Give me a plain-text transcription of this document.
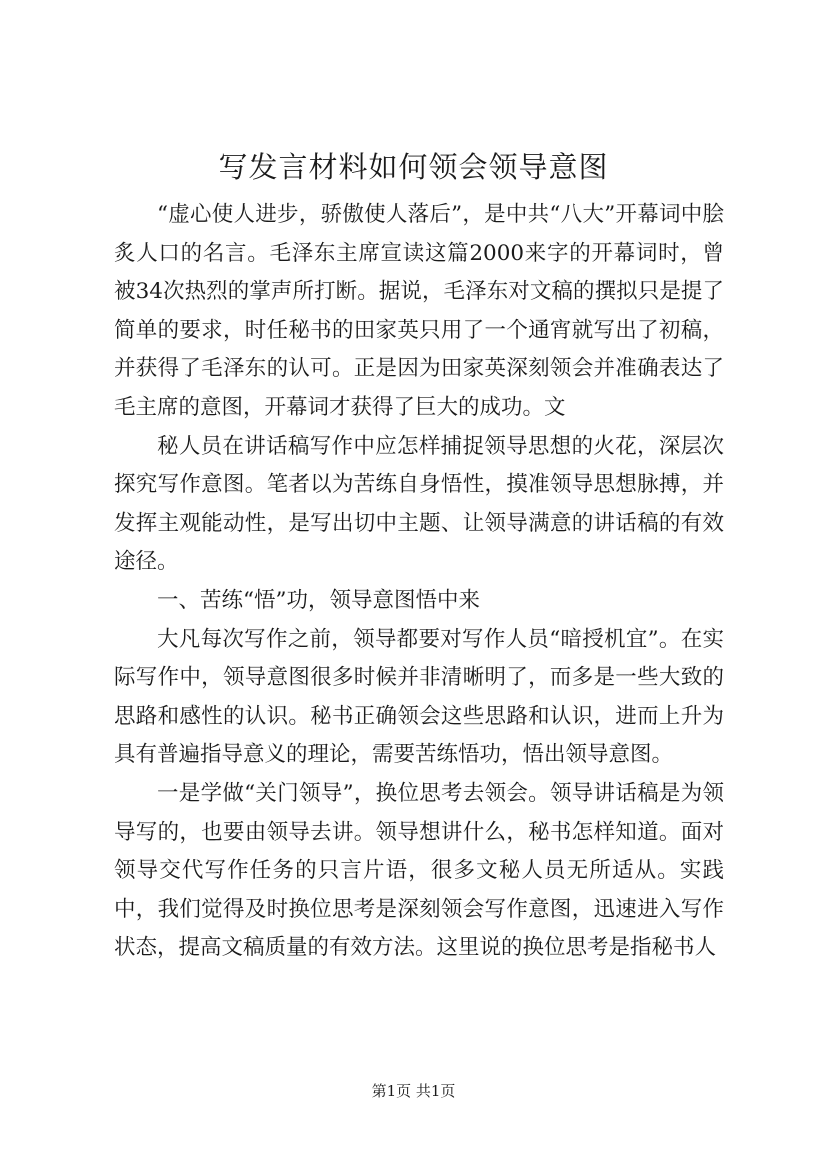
写发言材料如何领会领导意图

“虚心使人进步，骄傲使人落后”，是中共“八大”开幕词中脍炙人口的名言。毛泽东主席宣读这篇2000来字的开幕词时，曾被34次热烈的掌声所打断。据说，毛泽东对文稿的撰拟只是提了简单的要求，时任秘书的田家英只用了一个通宵就写出了初稿，并获得了毛泽东的认可。正是因为田家英深刻领会并准确表达了毛主席的意图，开幕词才获得了巨大的成功。文

秘人员在讲话稿写作中应怎样捕捉领导思想的火花，深层次探究写作意图。笔者以为苦练自身悟性，摸准领导思想脉搏，并发挥主观能动性，是写出切中主题、让领导满意的讲话稿的有效途径。

一、苦练“悟”功，领导意图悟中来

大凡每次写作之前，领导都要对写作人员“暗授机宜”。在实际写作中，领导意图很多时候并非清晰明了，而多是一些大致的思路和感性的认识。秘书正确领会这些思路和认识，进而上升为具有普遍指导意义的理论，需要苦练悟功，悟出领导意图。

一是学做“关门领导”，换位思考去领会。领导讲话稿是为领导写的，也要由领导去讲。领导想讲什么，秘书怎样知道。面对领导交代写作任务的只言片语，很多文秘人员无所适从。实践中，我们觉得及时换位思考是深刻领会写作意图，迅速进入写作状态，提高文稿质量的有效方法。这里说的换位思考是指秘书人

第1页 共1页
